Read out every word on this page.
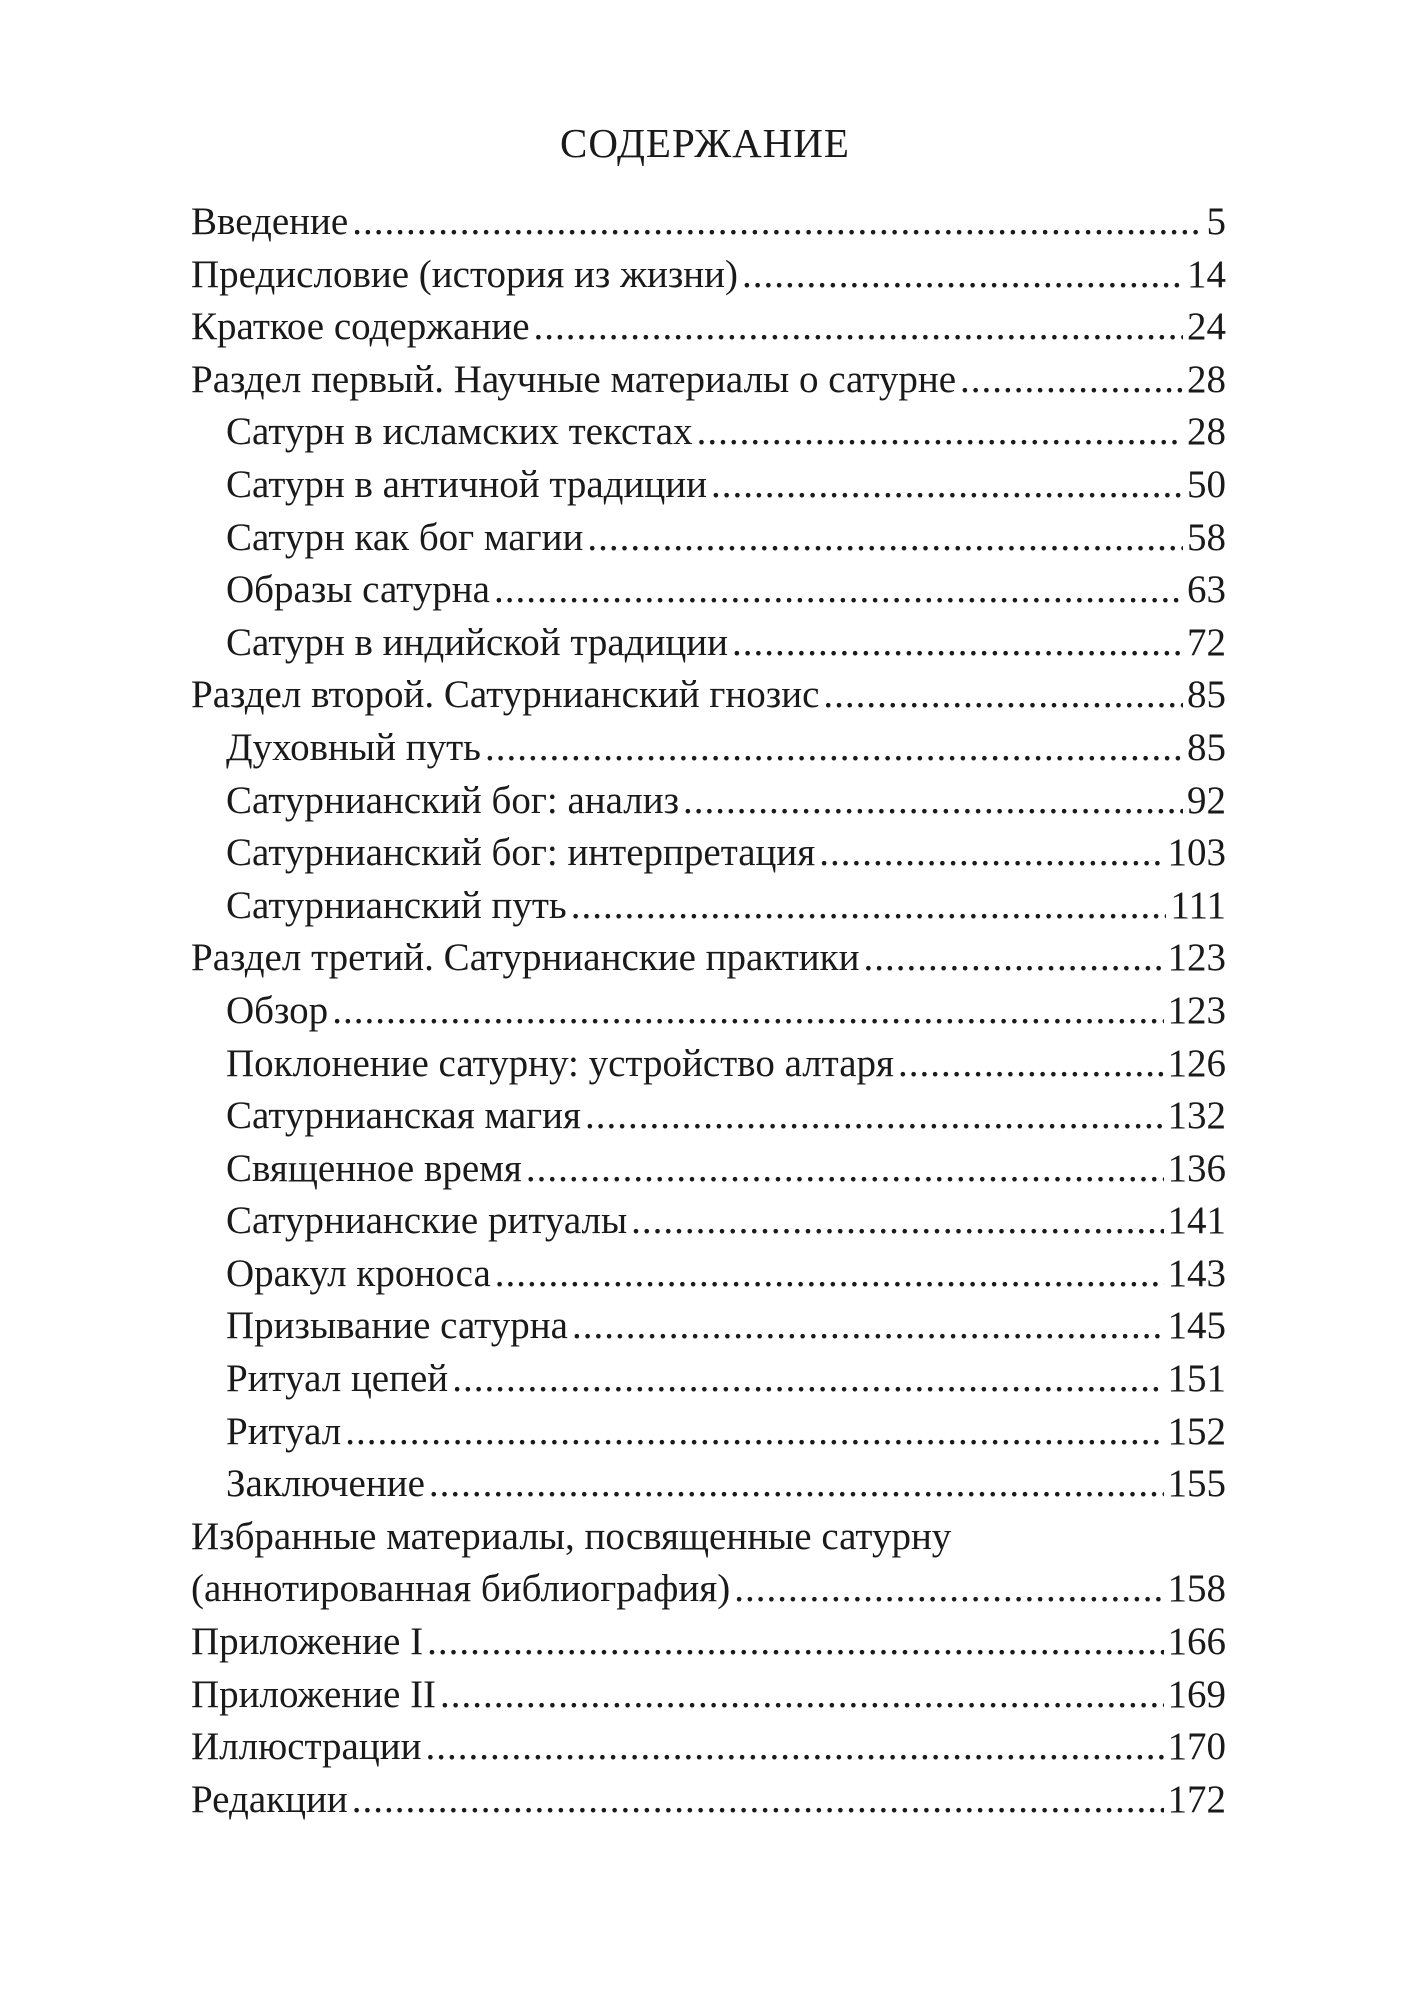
СОДЕРЖАНИЕ
Введение .....	5
Предисловие (история из жизни) .....	14
Краткое содержание .....	24
Раздел первый. Научные материалы о сатурне .....	28
Сатурн в исламских текстах .....	28
Сатурн в античной традиции .....	50
Сатурн как бог магии .....	58
Образы сатурна .....	63
Сатурн в индийской традиции .....	72
Раздел второй. Сатурнианский гнозис .....	85
Духовный путь .....	85
Сатурнианский бог: анализ .....	92
Сатурнианский бог: интерпретация .....	103
Сатурнианский путь .....	111
Раздел третий. Сатурнианские практики .....	123
Обзор .....	123
Поклонение сатурну: устройство алтаря .....	126
Сатурнианская магия .....	132
Священное время .....	136
Сатурнианские ритуалы .....	141
Оракул кроноса .....	143
Призывание сатурна .....	145
Ритуал цепей .....	151
Ритуал .....	152
Заключение .....	155
Избранные материалы, посвященные сатурну
(аннотированная библиография) .....	158
Приложение I .....	166
Приложение II .....	169
Иллюстрации .....	170
Редакции .....	172
